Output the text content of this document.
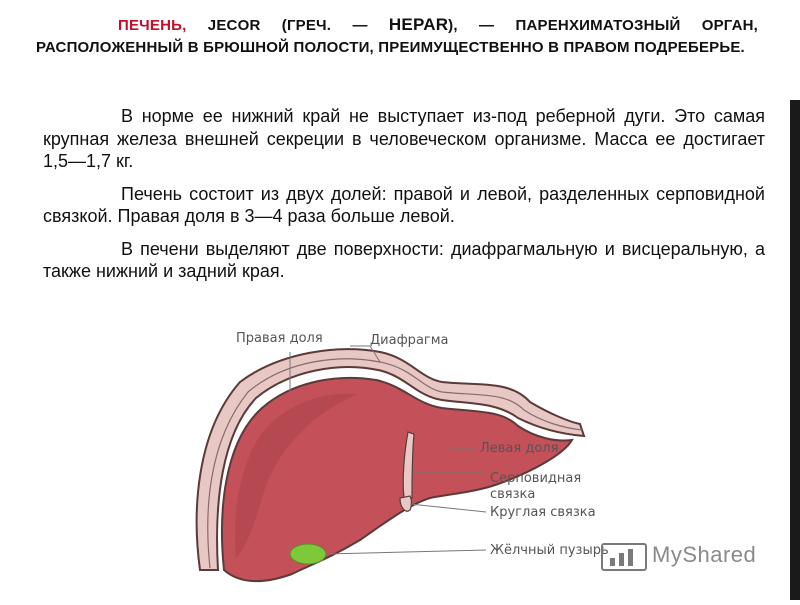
ПЕЧЕНЬ, JECOR (ГРЕЧ. — HEPAR), — ПАРЕНХИМАТОЗНЫЙ ОРГАН, РАСПОЛОЖЕННЫЙ В БРЮШНОЙ ПОЛОСТИ, ПРЕИМУЩЕСТВЕННО В ПРАВОМ ПОДРЕБЕРЬЕ.

В норме ее нижний край не выступает из-под реберной дуги. Это самая крупная железа внешней секреции в человеческом организме. Масса ее достигает 1,5—1,7 кг.

Печень состоит из двух долей: правой и левой, разделенных серповидной связкой. Правая доля в 3—4 раза больше левой.

В печени выделяют две поверхности: диафрагмальную и висцеральную, а также нижний и задний края.

Правая доля	Диафрагма
Левая доля
Серповидная
связка
Круглая связка
Жёлчный пузырь MyShared
